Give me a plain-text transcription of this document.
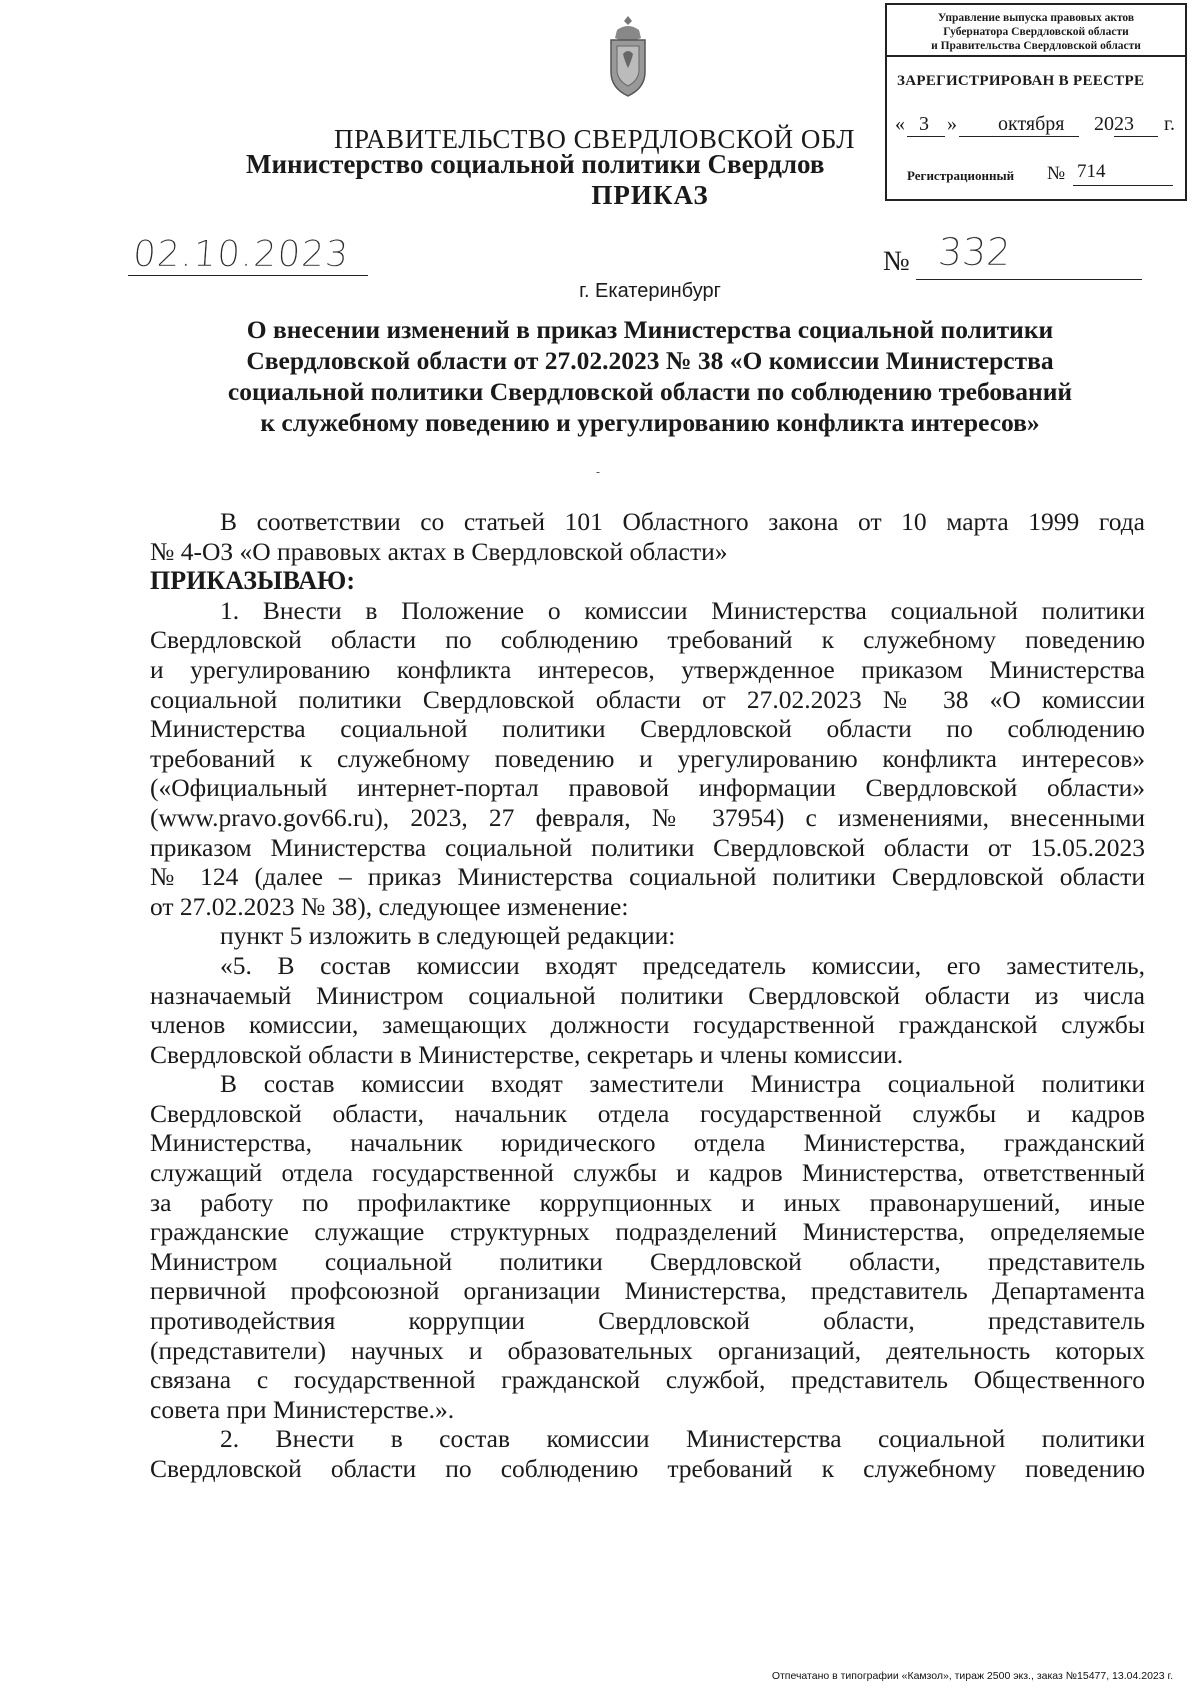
Управление выпуска правовых актов
Губернатора Свердловской области
и Правительства Свердловской области
ЗАРЕГИСТРИРОВАН В РЕЕСТРЕ
« 3 » октября 20 23 г.
Регистрационный № 714
ПРАВИТЕЛЬСТВО СВЕРДЛОВСКОЙ ОБЛ
Министерство социальной политики Свердлов
ПРИКАЗ
02.10.2023	№ 332
г. Екатеринбург
О внесении изменений в приказ Министерства социальной политики
Свердловской области от 27.02.2023 № 38 «О комиссии Министерства
социальной политики Свердловской области по соблюдению требований
к служебному поведению и урегулированию конфликта интересов»
-
В соответствии со статьей 101 Областного закона от 10 марта 1999 года
№ 4-ОЗ «О правовых актах в Свердловской области»
ПРИКАЗЫВАЮ:
1. Внести в Положение о комиссии Министерства социальной политики
Свердловской области по соблюдению требований к служебному поведению
и урегулированию конфликта интересов, утвержденное приказом Министерства
социальной политики Свердловской области от 27.02.2023 № 38 «О комиссии
Министерства социальной политики Свердловской области по соблюдению
требований к служебному поведению и урегулированию конфликта интересов»
(«Официальный интернет-портал правовой информации Свердловской области»
(www.pravo.gov66.ru), 2023, 27 февраля, № 37954) с изменениями, внесенными
приказом Министерства социальной политики Свердловской области от 15.05.2023
№ 124 (далее – приказ Министерства социальной политики Свердловской области
от 27.02.2023 № 38), следующее изменение:
пункт 5 изложить в следующей редакции:
«5. В состав комиссии входят председатель комиссии, его заместитель,
назначаемый Министром социальной политики Свердловской области из числа
членов комиссии, замещающих должности государственной гражданской службы
Свердловской области в Министерстве, секретарь и члены комиссии.
В состав комиссии входят заместители Министра социальной политики
Свердловской области, начальник отдела государственной службы и кадров
Министерства, начальник юридического отдела Министерства, гражданский
служащий отдела государственной службы и кадров Министерства, ответственный
за работу по профилактике коррупционных и иных правонарушений, иные
гражданские служащие структурных подразделений Министерства, определяемые
Министром социальной политики Свердловской области, представитель
первичной профсоюзной организации Министерства, представитель Департамента
противодействия коррупции Свердловской области, представитель
(представители) научных и образовательных организаций, деятельность которых
связана с государственной гражданской службой, представитель Общественного
совета при Министерстве.».
2. Внести в состав комиссии Министерства социальной политики
Свердловской области по соблюдению требований к служебному поведению
Отпечатано в типографии «Камзол», тираж 2500 экз., заказ №15477, 13.04.2023 г.
